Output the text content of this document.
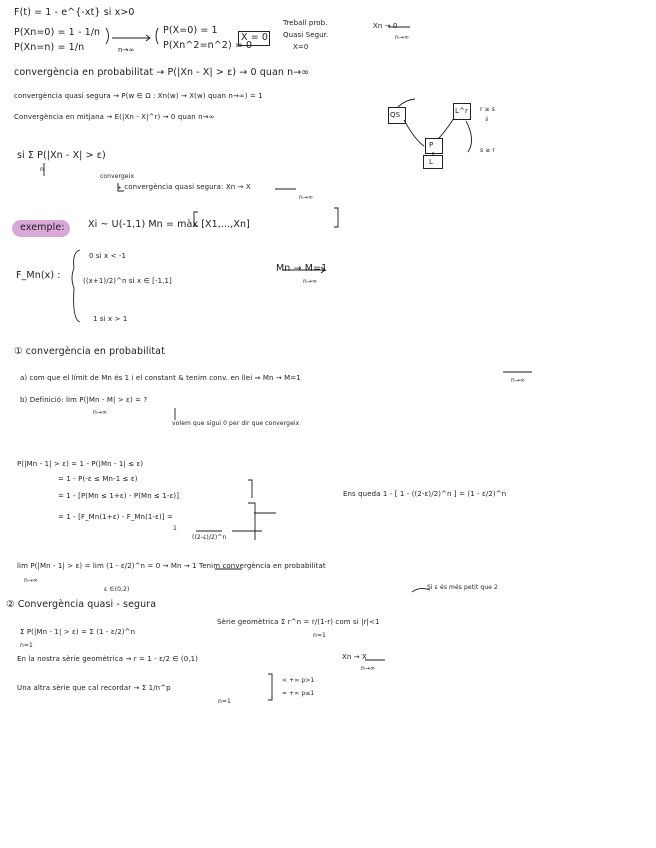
F(t) = 1 - e^{-xt} si x>0
P(Xn=0) = 1 - 1/n
P(Xn=n) = 1/n	n→∞
P(X=0) = 1
P(Xn^2=n^2) = 0
X = 0
Treball prob.
Quasi Segur.
X=0
Xn → 0
n→∞
convergència en probabilitat → P(|Xn - X| > ε) → 0 quan n→∞
convergència quasi segura → P(w ∈ Ω : Xn(w) → X(w) quan n→∞) = 1
Convergència en mitjana → E(|Xn - X|^r) → 0 quan n→∞	QS	L^r
P
L
r ≥ s
⇓
s ≥ r
si Σ P(|Xn - X| > ε)
n
convergeix
↳ convergència quasi segura: Xn → X
n→∞
exemple: Xi ~ U(-1,1) Mn = màx [X1,...,Xn]
F_Mn(x) :
0 si x < -1
((x+1)/2)^n si x ∈ [-1,1]
1 si x > 1
Mn → M=1
n→∞
① convergència en probabilitat
a) com que el límit de Mn és 1 i el constant & tenim conv. en llei ⇒ Mn → M=1	n→∞
b) Definició: lim P(|Mn - M| > ε) = ?
n→∞
volem que sigui 0 per dir que convergeix
P(|Mn - 1| > ε) = 1 - P(|Mn - 1| ≤ ε)
= 1 - P(-ε ≤ Mn-1 ≤ ε)
= 1 - [P(Mn ≤ 1+ε) - P(Mn ≤ 1-ε)]
= 1 - [F_Mn(1+ε) - F_Mn(1-ε)] =
1
((2-ε)/2)^n
Ens queda 1 - [ 1 - ((2-ε)/2)^n ] = (1 - ε/2)^n
lim P(|Mn - 1| > ε) = lim (1 - ε/2)^n = 0 → Mn → 1 Tenim convergència en probabilitat
n→∞
ε ∈(0,2)	Si ε és més petit que 2
② Convergència quasi - segura
Σ P(|Mn - 1| > ε) = Σ (1 - ε/2)^n
n=1
Sèrie geomètrica Σ r^n = r/(1-r) com si |r|<1
n=1
En la nostra sèrie geomètrica → r = 1 - ε/2 ∈ (0,1)	Xn → X
n→∞
Una altra sèrie que cal recordar → Σ 1/n^p
n=1
< +∞ p>1
= +∞ p≤1
